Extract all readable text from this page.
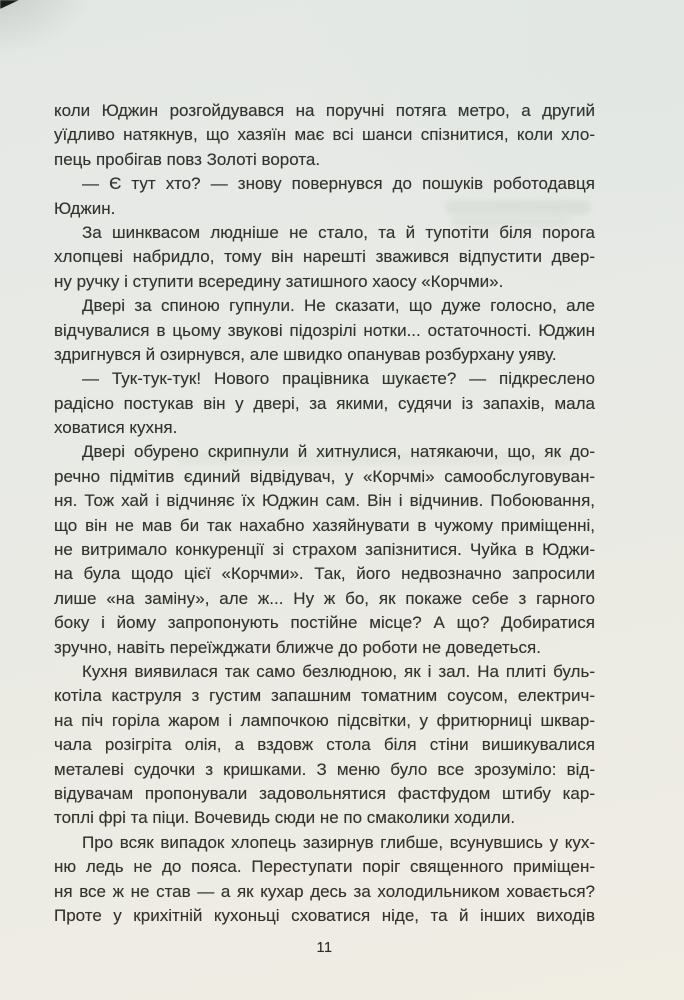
коли Юджин розгойдувався на поручні потяга метро, а другий
уїдливо натякнув, що хазяїн має всі шанси спізнитися, коли хло-
пець пробігав повз Золоті ворота.
— Є тут хто? — знову повернувся до пошуків роботодавця
Юджин.
За шинквасом людніше не стало, та й тупотіти біля порога
хлопцеві набридло, тому він нарешті зважився відпустити двер-
ну ручку і ступити всередину затишного хаосу «Корчми».
Двері за спиною гупнули. Не сказати, що дуже голосно, але
відчувалися в цьому звукові підозрілі нотки... остаточності. Юджин
здригнувся й озирнувся, але швидко опанував розбурхану уяву.
— Тук-тук-тук! Нового працівника шукаєте? — підкреслено
радісно постукав він у двері, за якими, судячи із запахів, мала
ховатися кухня.
Двері обурено скрипнули й хитнулися, натякаючи, що, як до-
речно підмітив єдиний відвідувач, у «Корчмі» самообслуговуван-
ня. Тож хай і відчиняє їх Юджин сам. Він і відчинив. Побоювання,
що він не мав би так нахабно хазяйнувати в чужому приміщенні,
не витримало конкуренції зі страхом запізнитися. Чуйка в Юджи-
на була щодо цієї «Корчми». Так, його недвозначно запросили
лише «на заміну», але ж... Ну ж бо, як покаже себе з гарного
боку і йому запропонують постійне місце? А що? Добиратися
зручно, навіть переїжджати ближче до роботи не доведеться.
Кухня виявилася так само безлюдною, як і зал. На плиті буль-
котіла каструля з густим запашним томатним соусом, електрич-
на піч горіла жаром і лампочкою підсвітки, у фритюрниці шквар-
чала розігріта олія, а вздовж стола біля стіни вишикувалися
металеві судочки з кришками. З меню було все зрозуміло: від-
відувачам пропонували задовольнятися фастфудом штибу кар-
топлі фрі та піци. Вочевидь сюди не по смаколики ходили.
Про всяк випадок хлопець зазирнув глибше, всунувшись у кух-
ню ледь не до пояса. Переступати поріг священного приміщен-
ня все ж не став — а як кухар десь за холодильником ховається?
Проте у крихітній кухоньці сховатися ніде, та й інших виходів
11
